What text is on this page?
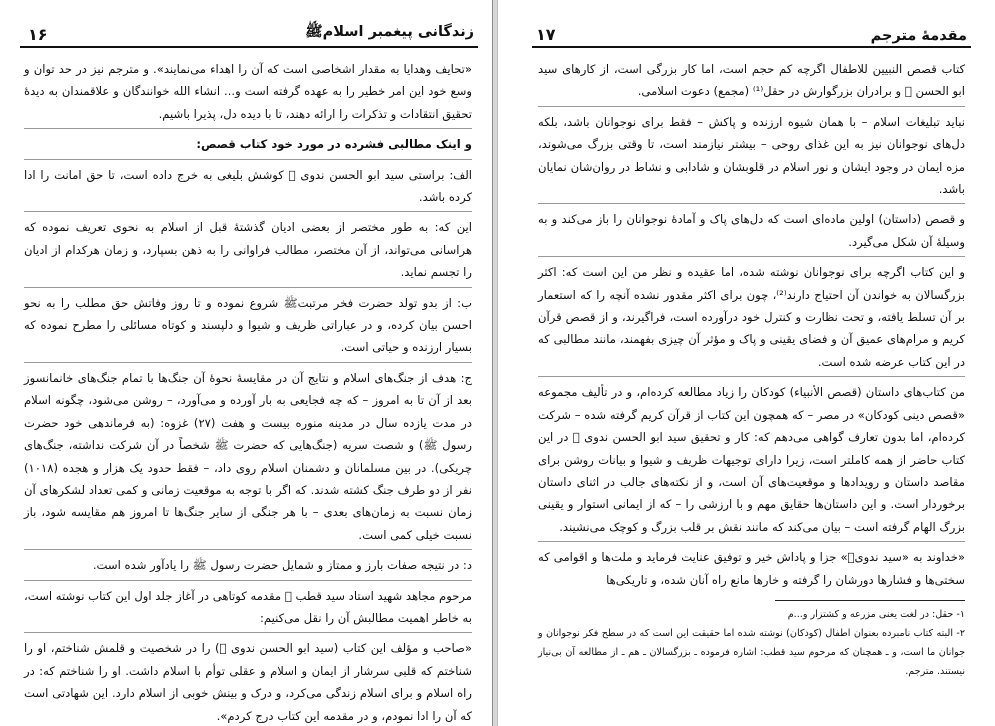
زندگانی پیغمبر اسلامﷺ
۱۶

«تحایف وهدایا به مقدار اشخاصی است که آن را اهداء می‌نمایند». و مترجم نیز در حد توان و وسع خود این امر خطیر را به عهده گرفته است و... انشاء الله خوانندگان و علاقمندان به دیدهٔ تحقیق انتقادات و تذکرات را ارائه دهند، تا با دیده دل، پذیرا باشیم.

و اینک مطالبی فشرده در مورد خود کتاب قصص:

الف: براستی سید ابو الحسن ندوی ﷫ کوشش بلیغی به خرج داده است، تا حق امانت را ادا کرده باشد.

این که: به طور مختصر از بعضی ادیان گذشتهٔ قبل از اسلام به نحوی تعریف نموده که هراسانی می‌تواند، از آن مختصر، مطالب فراوانی را به ذهن بسپارد، و زمان هرکدام از ادیان را تجسم نماید.

ب: از بدو تولد حضرت فخر مرتبتﷺ شروع نموده و تا روز وفاتش حق مطلب را به نحو احسن بیان کرده، و در عباراتی ظریف و شیوا و دلپسند و کوتاه مسائلی را مطرح نموده که بسیار ارزنده و حیاتی است.

ج: هدف از جنگ‌های اسلام و نتایج آن در مقایسهٔ نحوهٔ آن جنگ‌ها با تمام جنگ‌های خانمانسوز بعد از آن تا به امروز – که چه فجایعی به بار آورده و می‌آورد، – روشن می‌شود، چگونه اسلام در مدت یازده سال در مدینه منوره بیست و هفت (۲۷) غزوه: (به فرماندهی خود حضرت رسول ﷺ) و شصت سریه (جنگ‌هایی که حضرت ﷺ شخصاً در آن شرکت نداشته، جنگ‌های چریکی). در بین مسلمانان و دشمنان اسلام روی داد، – فقط حدود یک هزار و هجده (۱۰۱۸) نفر از دو طرف جنگ کشته شدند. که اگر با توجه به موقعیت زمانی و کمی تعداد لشکرهای آن زمان نسبت به زمان‌های بعدی – با هر جنگی از سایر جنگ‌ها تا امروز هم مقایسه شود، باز نسبت خیلی کمی است.

د: در نتیجه صفات بارز و ممتاز و شمایل حضرت رسول ﷺ را یادآور شده است.

مرحوم مجاهد شهید استاد سید قطب ﷫ مقدمه کوتاهی در آغاز جلد اول این کتاب نوشته است، به خاطر اهمیت مطالبش آن را نقل می‌کنیم:

«صاحب و مؤلف این کتاب (سید ابو الحسن ندوی ﷫) را در شخصیت و قلمش شناختم، او را شناختم که قلبی سرشار از ایمان و اسلام و عقلی توأم با اسلام داشت. او را شناختم که: در راه اسلام و برای اسلام زندگی می‌کرد، و درک و بینش خوبی از اسلام دارد. این شهادتی است که آن را ادا نمودم، و در مقدمه این کتاب درج کردم».

مقدمهٔ مترجم
۱۷

کتاب قصص النبیین للاطفال اگرچه کم حجم است، اما کار بزرگی است، از کارهای سید ابو الحسن ﷫ و برادران بزرگوارش در حقل⁽¹⁾ (مجمع) دعوت اسلامی.

نباید تبلیغات اسلام – با همان شیوه ارزنده و پاکش – فقط برای نوجوانان باشد، بلکه دل‌های نوجوانان نیز به این غذای روحی – بیشتر نیازمند است، تا وقتی بزرگ می‌شوند، مزه ایمان در وجود ایشان و نور اسلام در قلوبشان و شادابی و نشاط در روان‌شان نمایان باشد.

و قصص (داستان) اولین ماده‌ای است که دل‌های پاک و آمادهٔ نوجوانان را باز می‌کند و به وسیلهٔ آن شکل می‌گیرد.

و این کتاب اگرچه برای نوجوانان نوشته شده، اما عقیده و نظر من این است که: اکثر بزرگسالان به خواندن آن احتیاج دارند⁽²⁾، چون برای اکثر مقدور نشده آنچه را که استعمار بر آن تسلط یافته، و تحت نظارت و کنترل خود درآورده است، فراگیرند، و از قصص قرآن کریم و مرام‌های عمیق آن و فضای یقینی و پاک و مؤثر آن چیزی بفهمند، مانند مطالبی که در این کتاب عرضه شده است.

من کتاب‌های داستان (قصص الأنبیاء) کودکان را زیاد مطالعه کرده‌ام، و در تألیف مجموعه «قصص دینی کودکان» در مصر – که همچون این کتاب از قرآن کریم گرفته شده – شرکت کرده‌ام، اما بدون تعارف گواهی می‌دهم که: کار و تحقیق سید ابو الحسن ندوی ﷫ در این کتاب حاضر از همه کاملتر است، زیرا دارای توجیهات ظریف و شیوا و بیانات روشن برای مقاصد داستان و رویدادها و موقعیت‌های آن است، و از نکته‌های جالب در اثنای داستان برخوردار است. و این داستان‌ها حقایق مهم و با ارزشی را – که از ایمانی استوار و یقینی بزرگ الهام گرفته است – بیان می‌کند که مانند نقش بر قلب بزرگ و کوچک می‌نشیند.

«خداوند به «سید ندوی﷫» جزا و پاداش خیر و توفیق عنایت فرماید و ملت‌ها و اقوامی که سختی‌ها و فشارها دورشان را گرفته و خارها مانع راه آنان شده، و تاریکی‌ها

۱- حقل: در لغت یعنی مزرعه و کشتزار و...م

۲- البته کتاب نامبرده بعنوان اطفال (کودکان) نوشته شده اما حقیقت این است که در سطح فکر نوجوانان و جوانان ما است، و ـ همچنان که مرحوم سید قطب: اشاره فرموده ـ بزرگسالان ـ هم ـ از مطالعه آن بی‌نیاز نیستند. مترجم.
